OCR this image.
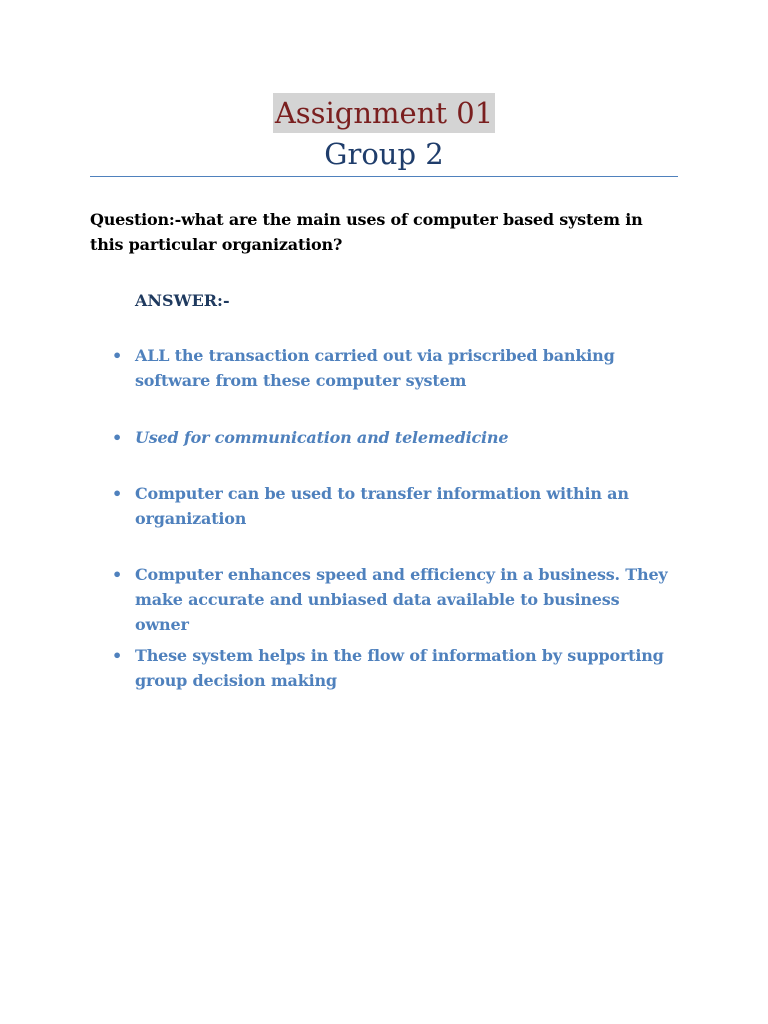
Assignment 01
Group 2

Question:-what are the main uses of computer based system in this particular organization?

ANSWER:-

• ALL the transaction carried out via priscribed banking software from these computer system
• Used for communication and telemedicine
• Computer can be used to transfer information within an organization
• Computer enhances speed and efficiency in a business. They make accurate and unbiased data available to business owner
• These system helps in the flow of information by supporting group decision making
